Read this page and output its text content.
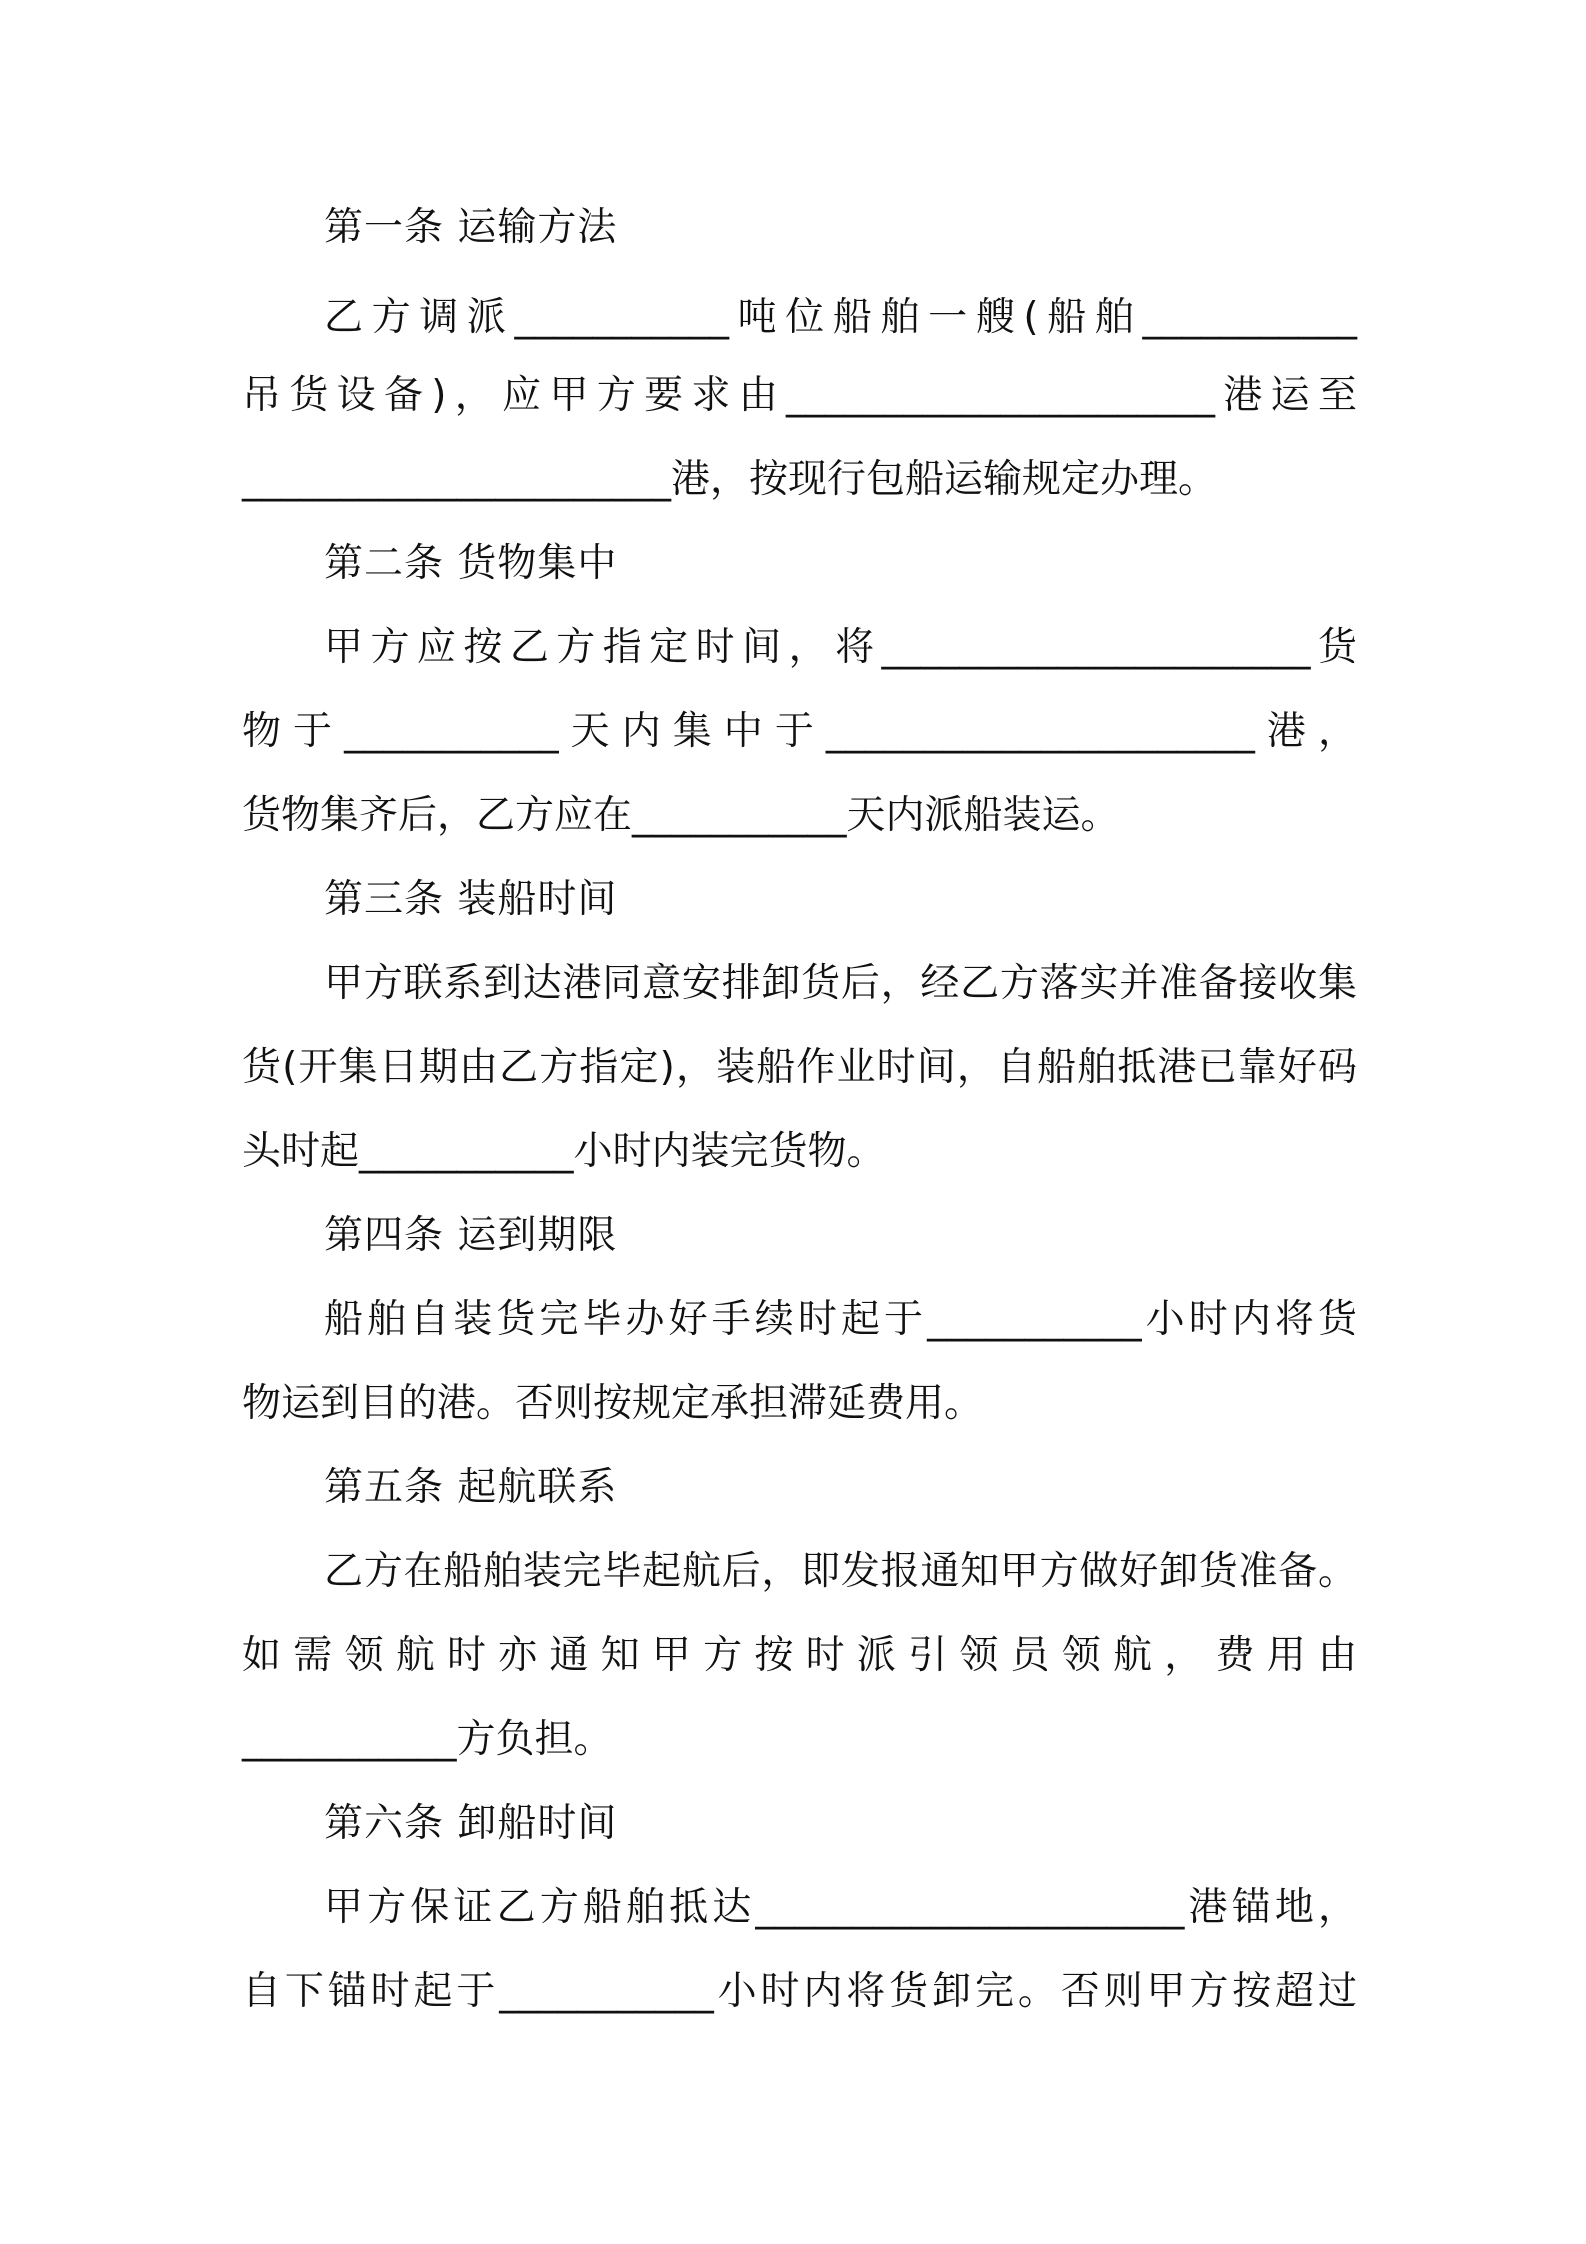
第一条 运输方法
乙方调派___________吨位船舶一艘(船舶___________
吊货设备)，应甲方要求由______________________港运至
______________________港，按现行包船运输规定办理。
第二条 货物集中
甲方应按乙方指定时间，将______________________货
物于___________天内集中于______________________港，
货物集齐后，乙方应在___________天内派船装运。
第三条 装船时间
甲方联系到达港同意安排卸货后，经乙方落实并准备接收集
货(开集日期由乙方指定)，装船作业时间，自船舶抵港已靠好码
头时起___________小时内装完货物。
第四条 运到期限
船舶自装货完毕办好手续时起于___________小时内将货
物运到目的港。否则按规定承担滞延费用。
第五条 起航联系
乙方在船舶装完毕起航后，即发报通知甲方做好卸货准备。
如需领航时亦通知甲方按时派引领员领航，费用由
___________方负担。
第六条 卸船时间
甲方保证乙方船舶抵达______________________港锚地，
自下锚时起于___________小时内将货卸完。否则甲方按超过
